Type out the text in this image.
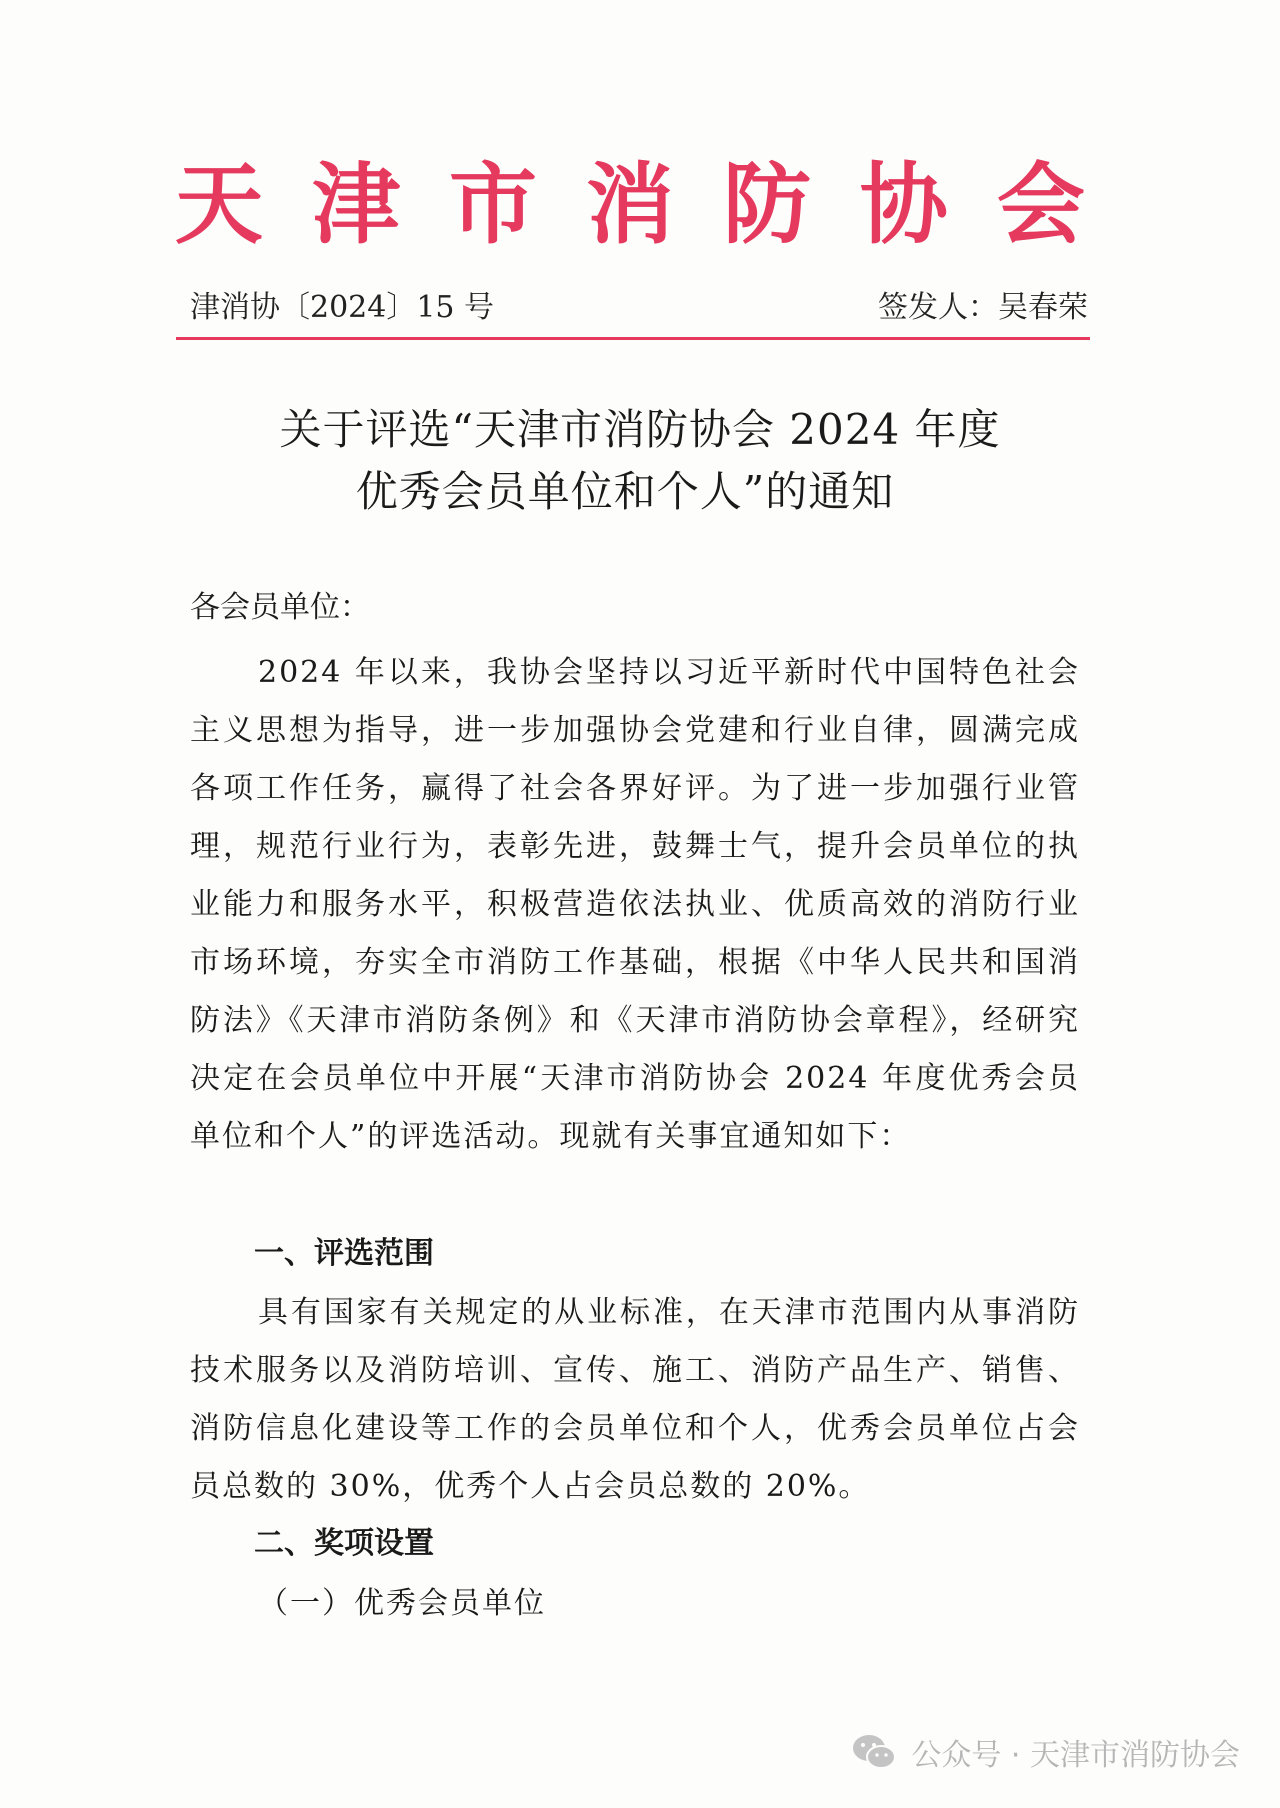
天 津 市 消 防 协 会
津消协〔2024〕15 号	签发人：吴春荣
关于评选“天津市消防协会 2024 年度
优秀会员单位和个人”的通知
各会员单位：
2024 年以来，我协会坚持以习近平新时代中国特色社会主义思想为指导，进一步加强协会党建和行业自律，圆满完成各项工作任务，赢得了社会各界好评。为了进一步加强行业管理，规范行业行为，表彰先进，鼓舞士气，提升会员单位的执业能力和服务水平，积极营造依法执业、优质高效的消防行业市场环境，夯实全市消防工作基础，根据《中华人民共和国消防法》《天津市消防条例》和《天津市消防协会章程》，经研究决定在会员单位中开展“天津市消防协会 2024 年度优秀会员单位和个人”的评选活动。现就有关事宜通知如下：
一、评选范围
具有国家有关规定的从业标准，在天津市范围内从事消防技术服务以及消防培训、宣传、施工、消防产品生产、销售、消防信息化建设等工作的会员单位和个人，优秀会员单位占会员总数的 30%，优秀个人占会员总数的 20%。
二、奖项设置
（一）优秀会员单位
公众号 · 天津市消防协会
